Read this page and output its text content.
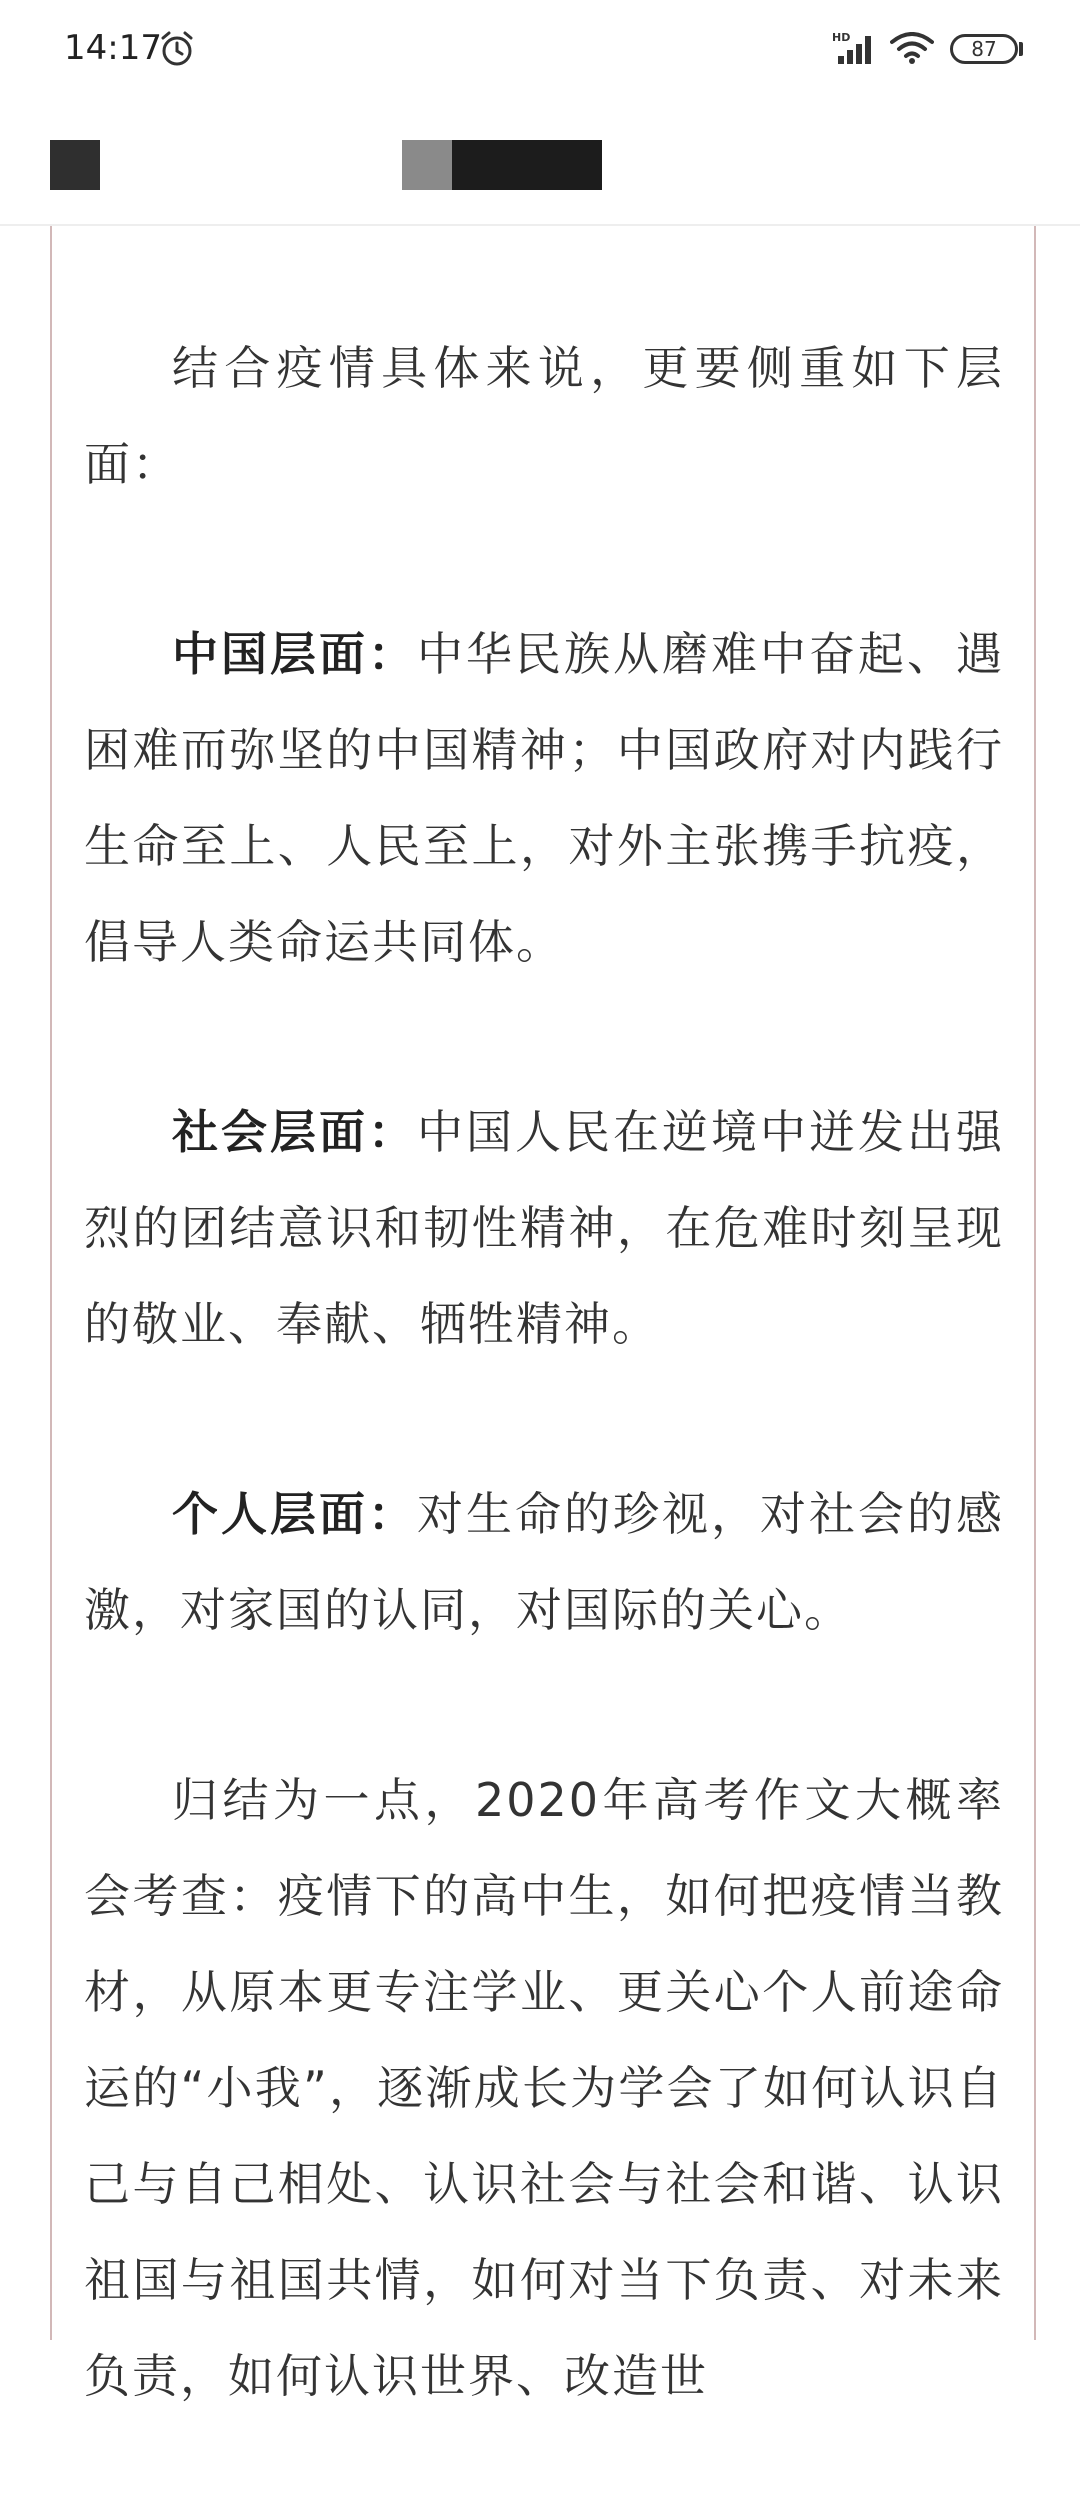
14:17	HD	87

结合疫情具体来说，更要侧重如下层面：

中国层面：中华民族从磨难中奋起、遇困难而弥坚的中国精神；中国政府对内践行生命至上、人民至上，对外主张携手抗疫，倡导人类命运共同体。

社会层面：中国人民在逆境中迸发出强烈的团结意识和韧性精神，在危难时刻呈现的敬业、奉献、牺牲精神。

个人层面：对生命的珍视，对社会的感激，对家国的认同，对国际的关心。

归结为一点，2020年高考作文大概率会考查：疫情下的高中生，如何把疫情当教材，从原本更专注学业、更关心个人前途命运的“小我”，逐渐成长为学会了如何认识自己与自己相处、认识社会与社会和谐、认识祖国与祖国共情，如何对当下负责、对未来负责，如何认识世界、改造世
